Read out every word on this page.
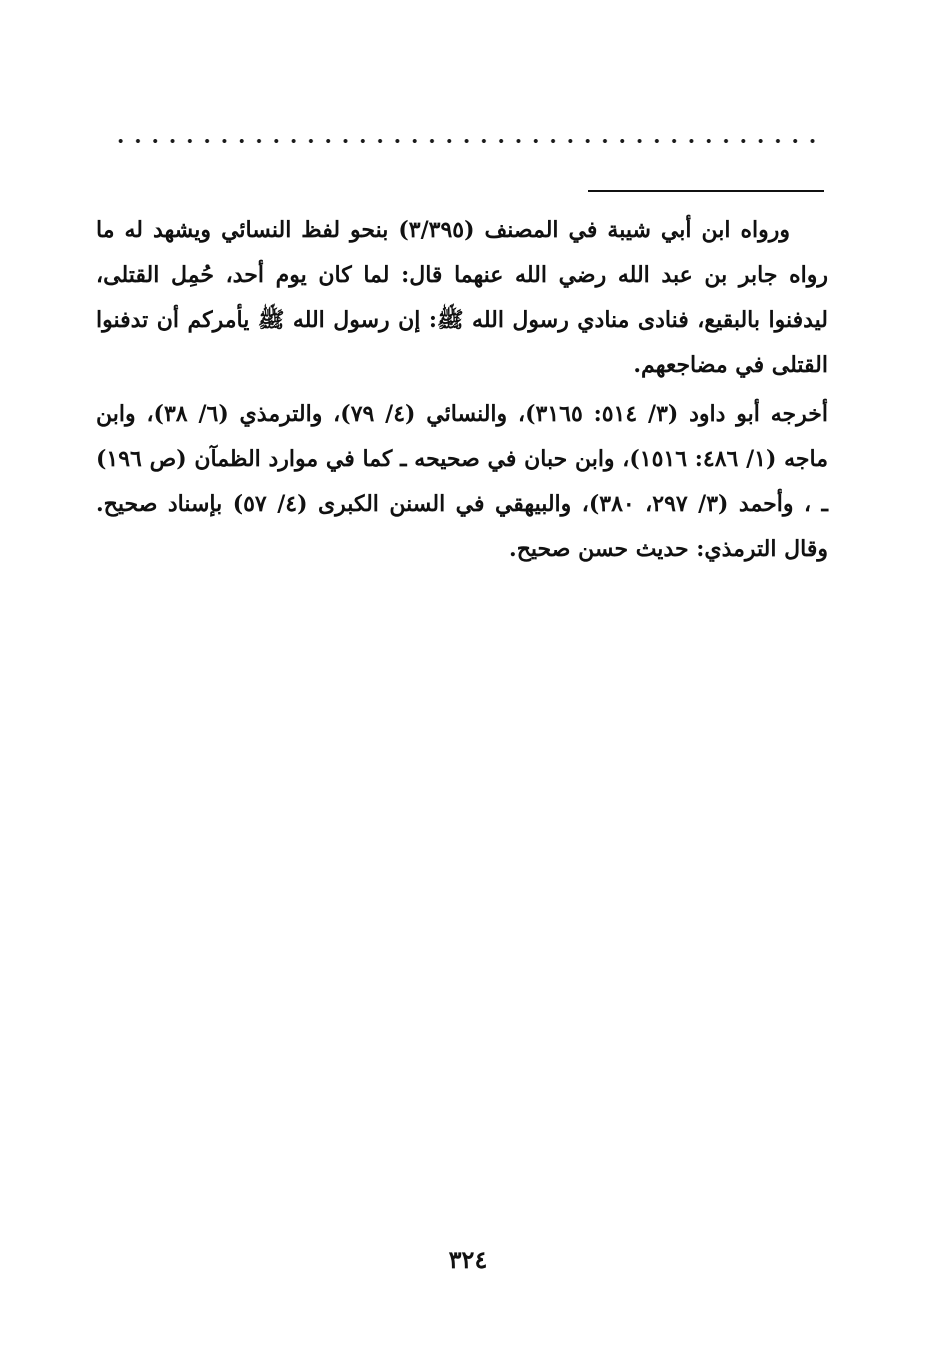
ورواه ابن أبي شيبة في المصنف (٣/٣٩٥) بنحو لفظ النسائي ويشهد له ما رواه جابر بن عبد الله رضي الله عنهما قال: لما كان يوم أحد، حُمِل القتلى، ليدفنوا بالبقيع، فنادى منادي رسول الله ﷺ: إن رسول الله ﷺ يأمركم أن تدفنوا القتلى في مضاجعهم.

أخرجه أبو داود (٣/ ٥١٤: ٣١٦٥)، والنسائي (٤/ ٧٩)، والترمذي (٦/ ٣٨)، وابن ماجه (١/ ٤٨٦: ١٥١٦)، وابن حبان في صحيحه ـ كما في موارد الظمآن (ص ١٩٦) ـ ، وأحمد (٣/ ٢٩٧، ٣٨٠)، والبيهقي في السنن الكبرى (٤/ ٥٧) بإسناد صحيح. وقال الترمذي: حديث حسن صحيح.

٣٢٤
